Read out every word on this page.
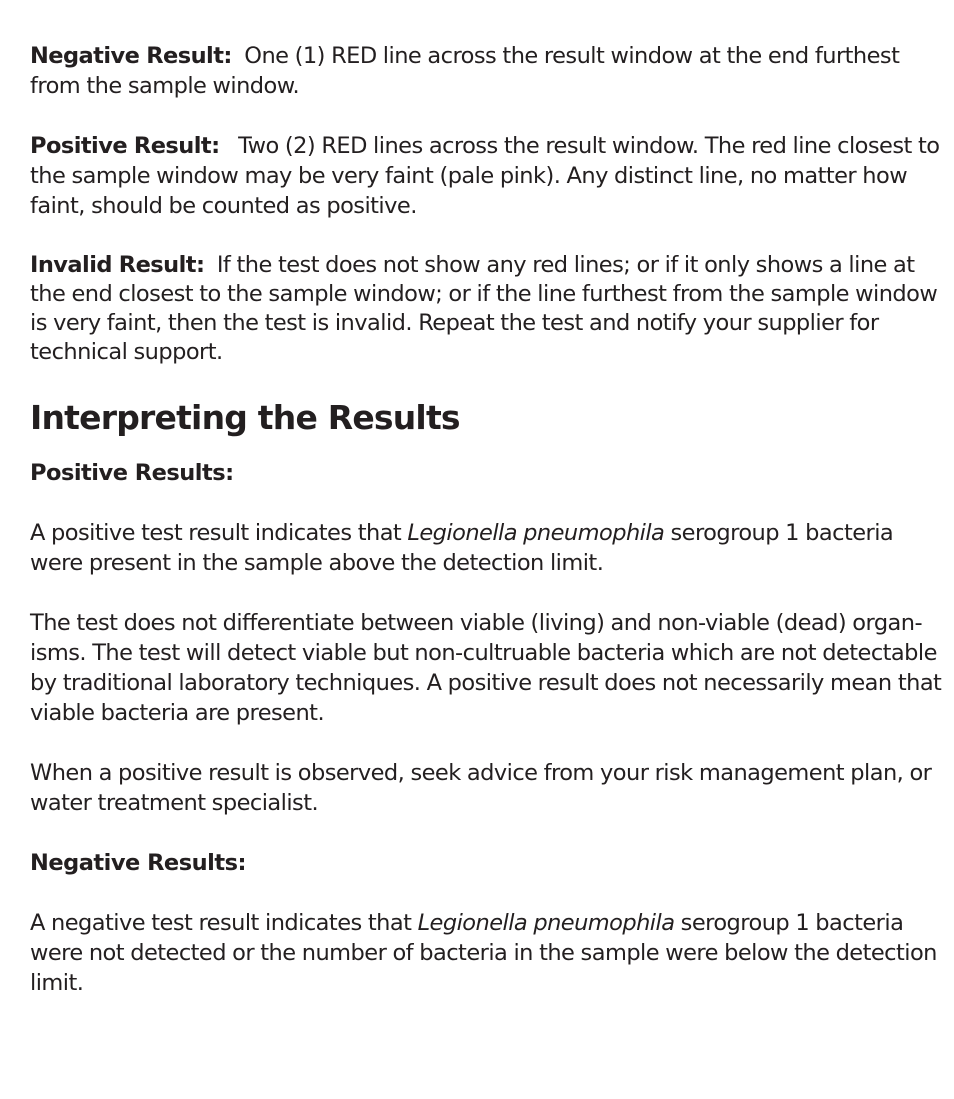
Negative Result: One (1) RED line across the result window at the end furthest from the sample window.

Positive Result: Two (2) RED lines across the result window. The red line closest to the sample window may be very faint (pale pink). Any distinct line, no matter how faint, should be counted as positive.

Invalid Result: If the test does not show any red lines; or if it only shows a line at the end closest to the sample window; or if the line furthest from the sample window is very faint, then the test is invalid. Repeat the test and notify your supplier for technical support.

Interpreting the Results
Positive Results:

A positive test result indicates that Legionella pneumophila serogroup 1 bacteria were present in the sample above the detection limit.

The test does not differentiate between viable (living) and non-viable (dead) organ-isms. The test will detect viable but non-cultruable bacteria which are not detectable by traditional laboratory techniques. A positive result does not necessarily mean that viable bacteria are present.

When a positive result is observed, seek advice from your risk management plan, or water treatment specialist.

Negative Results:

A negative test result indicates that Legionella pneumophila serogroup 1 bacteria were not detected or the number of bacteria in the sample were below the detection limit.
